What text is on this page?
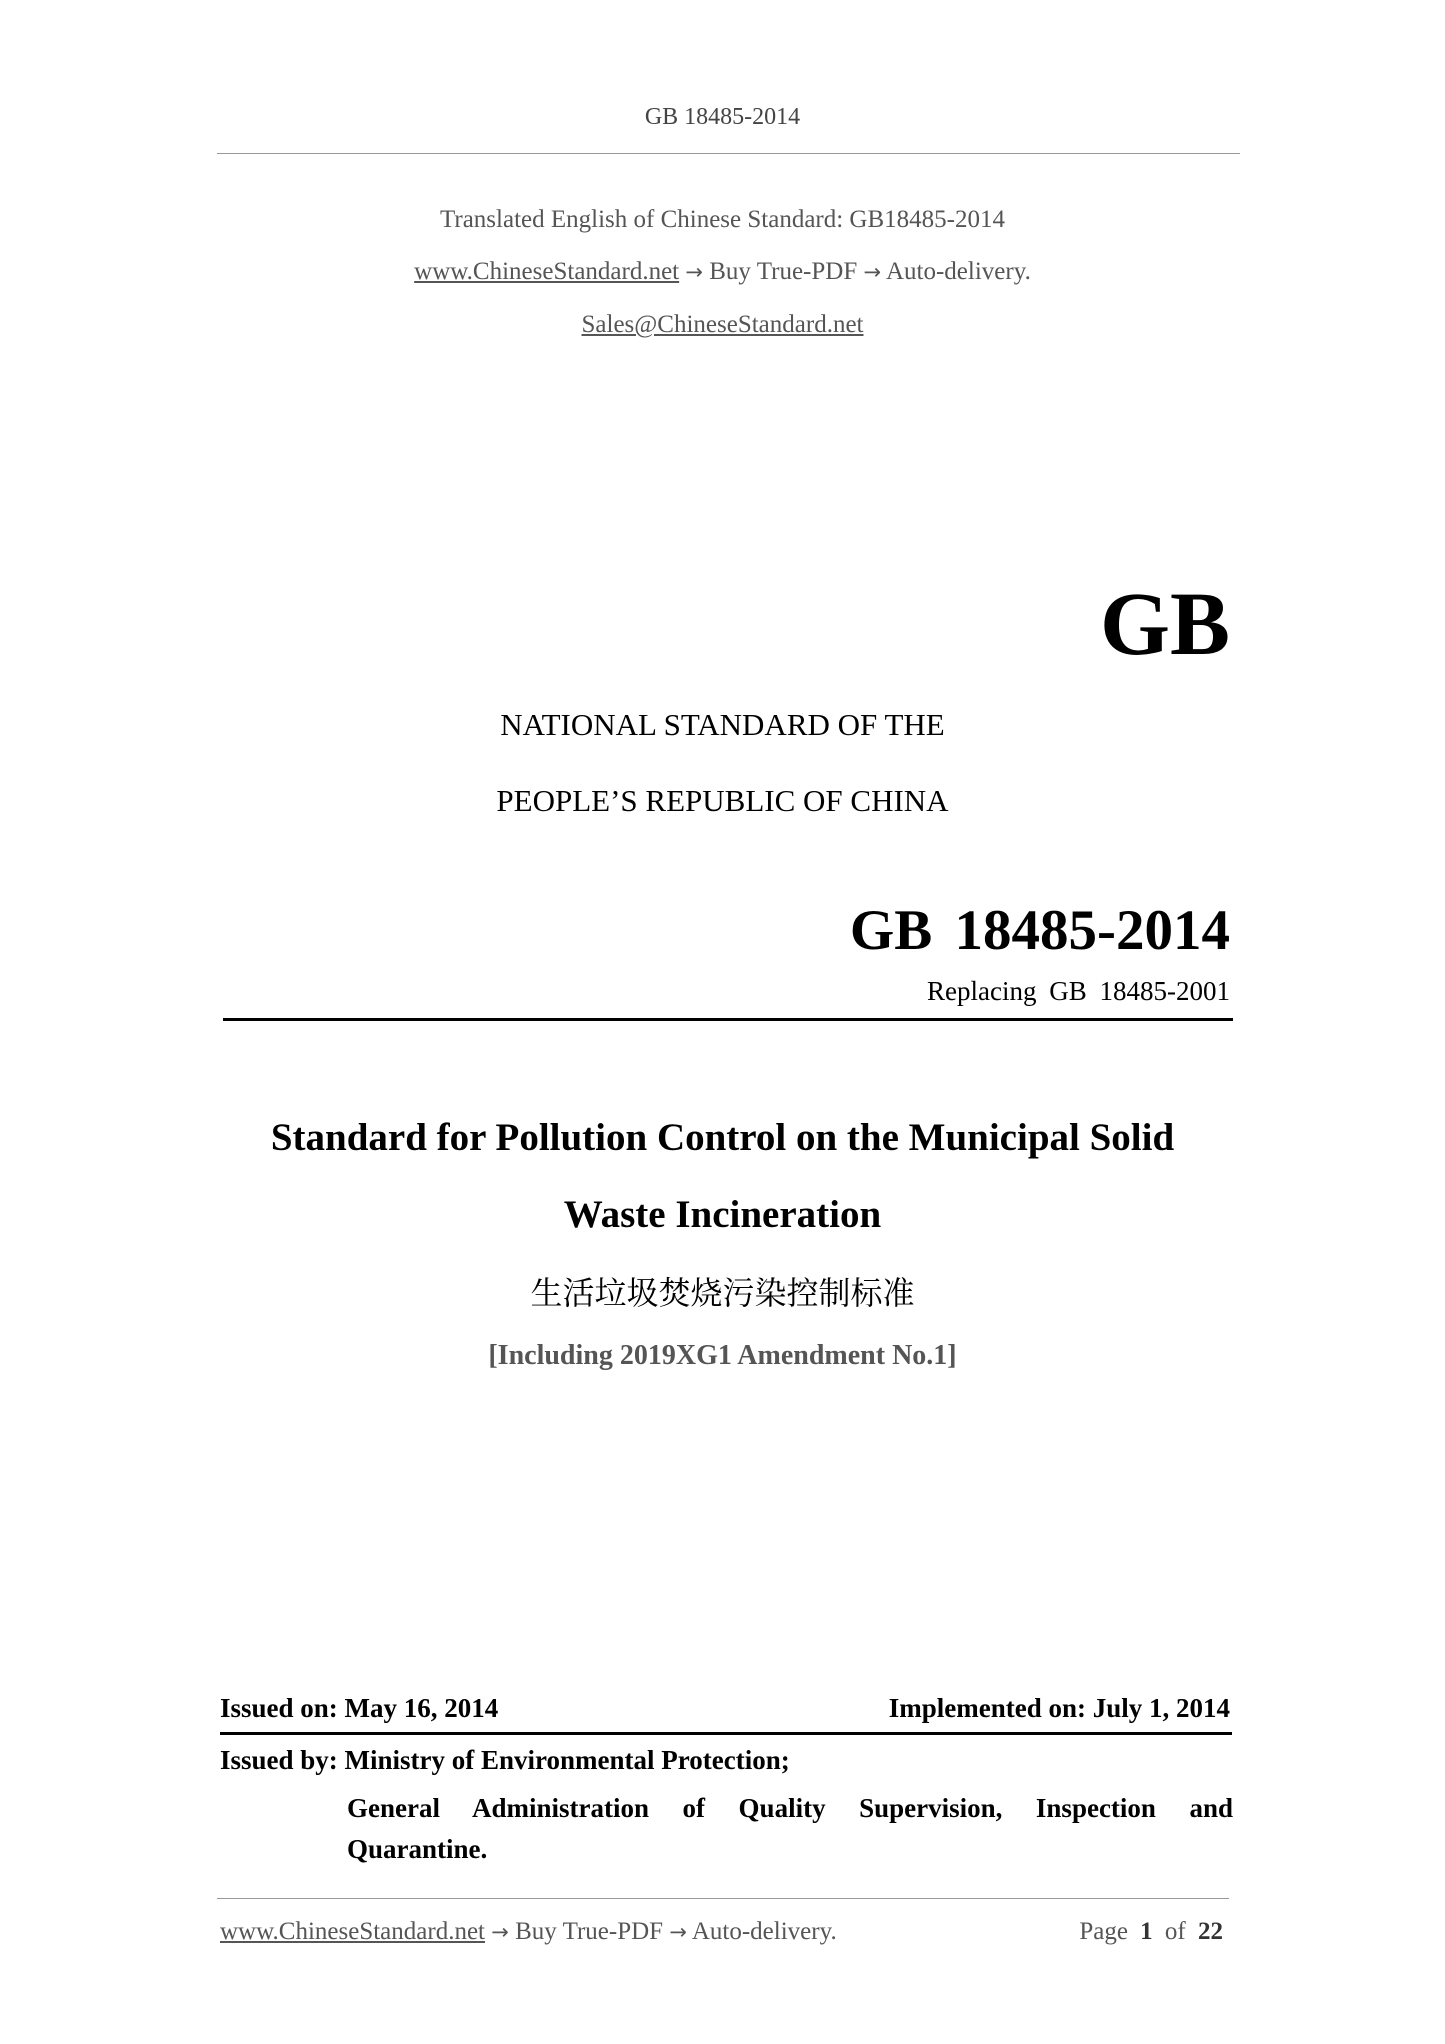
GB 18485-2014
Translated English of Chinese Standard: GB18485-2014
www.ChineseStandard.net → Buy True-PDF → Auto-delivery.
Sales@ChineseStandard.net
GB
NATIONAL STANDARD OF THE
PEOPLE’S REPUBLIC OF CHINA
GB 18485-2014
Replacing GB 18485-2001
Standard for Pollution Control on the Municipal Solid
Waste Incineration
生活垃圾焚烧污染控制标准
[Including 2019XG1 Amendment No.1]
Issued on: May 16, 2014	Implemented on: July 1, 2014
Issued by: Ministry of Environmental Protection;
General Administration of Quality Supervision, Inspection and
Quarantine.
www.ChineseStandard.net → Buy True-PDF → Auto-delivery.	Page 1 of 22
